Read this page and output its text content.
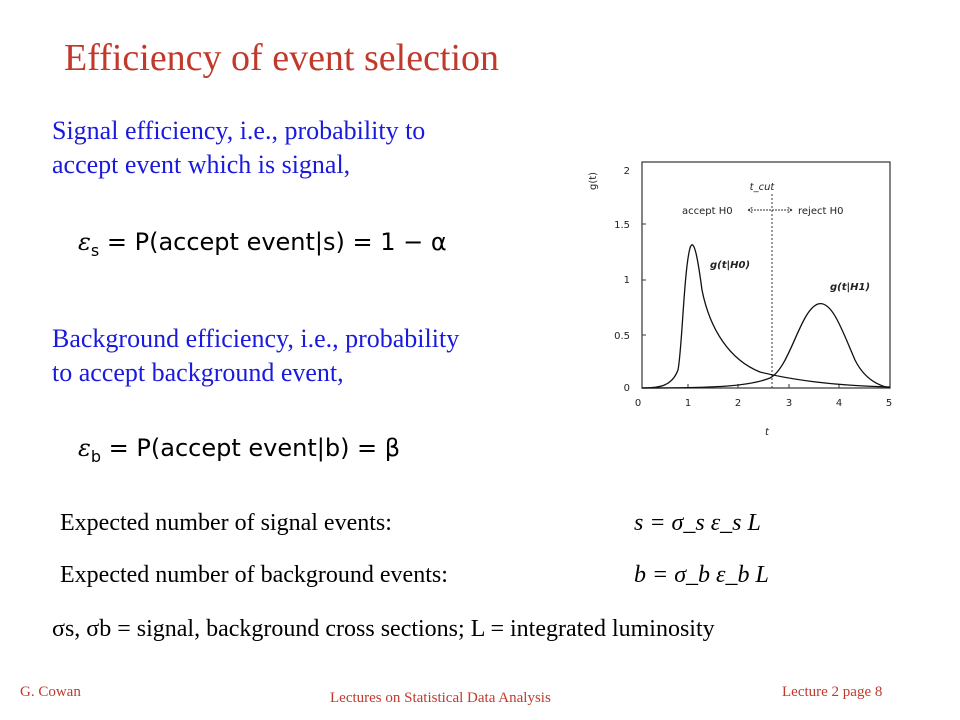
Efficiency of event selection
Signal efficiency, i.e., probability to
accept event which is signal,
$\varepsilon_s$ = P(accept event|s) = 1 − α
Background efficiency, i.e., probability
to accept background event,
$\varepsilon_b$ = P(accept event|b) = β
g(t)
t
0	1	2	3	4	5
0
0.5
1
1.5
2
t_cut
accept H0	reject H0
g(t|H0)
g(t|H1)
Expected number of signal events:	s = σ_s ε_s L
Expected number of background events:	b = σ_b ε_b L
σs, σb = signal, background cross sections; L = integrated luminosity
G. Cowan	Lectures on Statistical Data Analysis	Lecture 2 page 8
